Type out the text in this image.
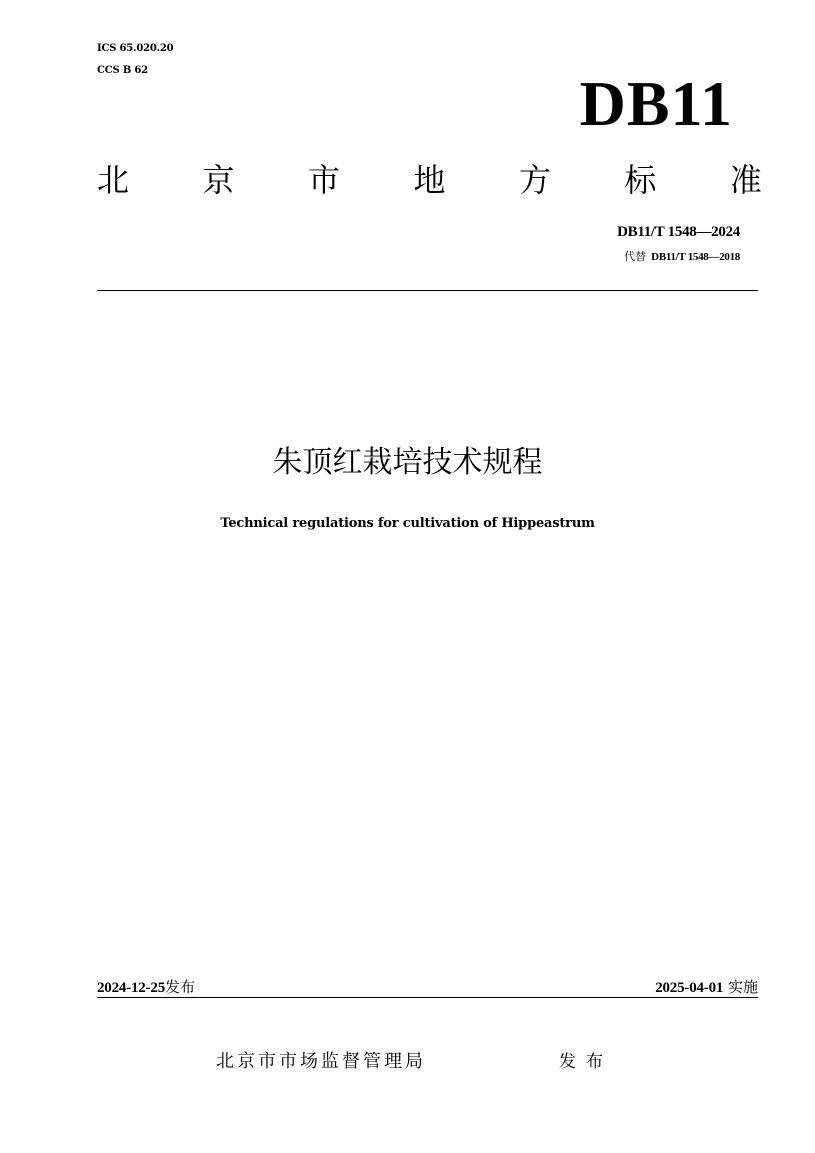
ICS 65.020.20
CCS B 62	DB11
北 京 市 地 方 标 准
DB11/T 1548—2024
代替 DB11/T 1548—2018
朱顶红栽培技术规程
Technical regulations for cultivation of Hippeastrum
2024-12-25发布	2025-04-01 实施
北京市市场监督管理局	发布
